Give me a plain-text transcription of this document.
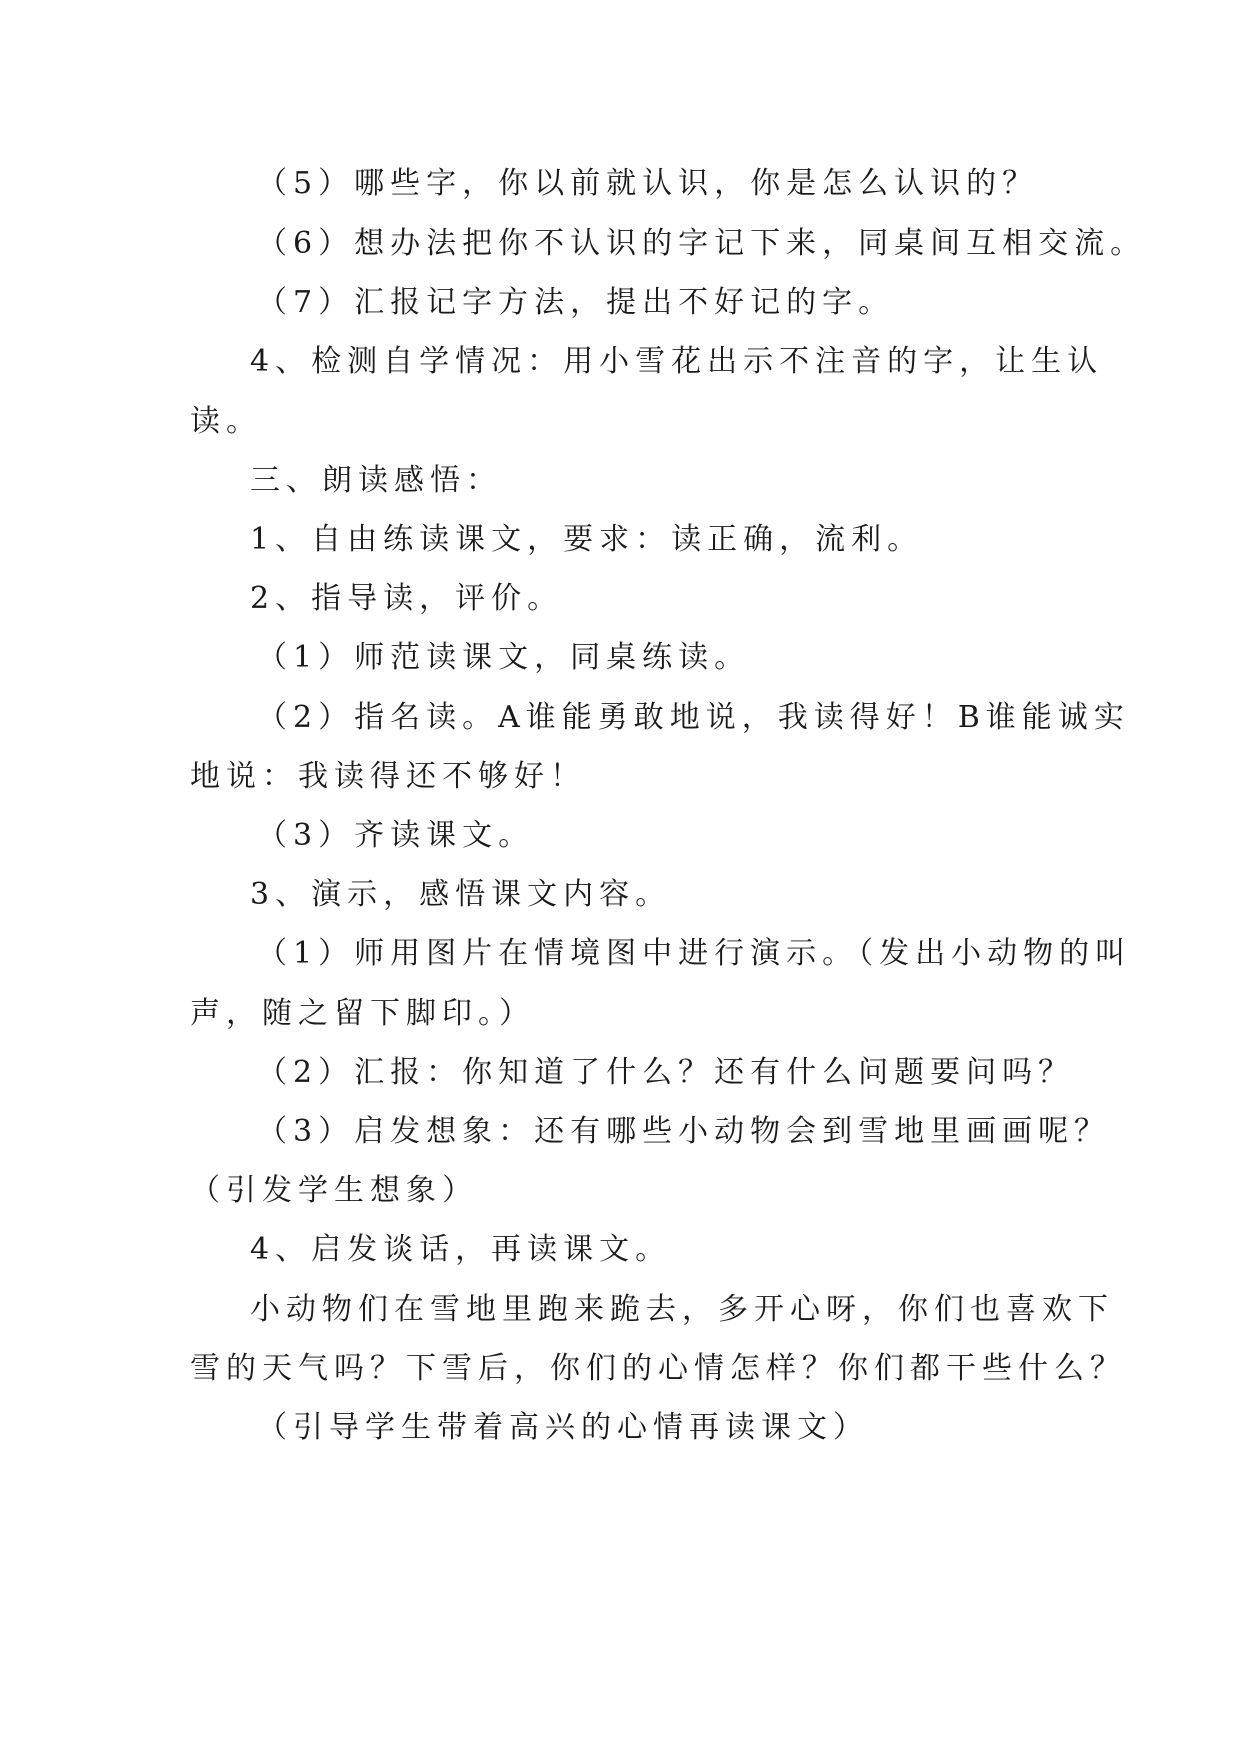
（5）哪些字，你以前就认识，你是怎么认识的？
（6）想办法把你不认识的字记下来，同桌间互相交流。
（7）汇报记字方法，提出不好记的字。
4、检测自学情况：用小雪花出示不注音的字，让生认
读。
三、朗读感悟：
1、自由练读课文，要求：读正确，流利。
2、指导读，评价。
（1）师范读课文，同桌练读。
（2）指名读。A谁能勇敢地说，我读得好！B谁能诚实
地说：我读得还不够好！
（3）齐读课文。
3、演示，感悟课文内容。
（1）师用图片在情境图中进行演示。（发出小动物的叫
声，随之留下脚印。）
（2）汇报：你知道了什么？还有什么问题要问吗？
（3）启发想象：还有哪些小动物会到雪地里画画呢？
（引发学生想象）
4、启发谈话，再读课文。
小动物们在雪地里跑来跪去，多开心呀，你们也喜欢下
雪的天气吗？下雪后，你们的心情怎样？你们都干些什么？
（引导学生带着高兴的心情再读课文）
